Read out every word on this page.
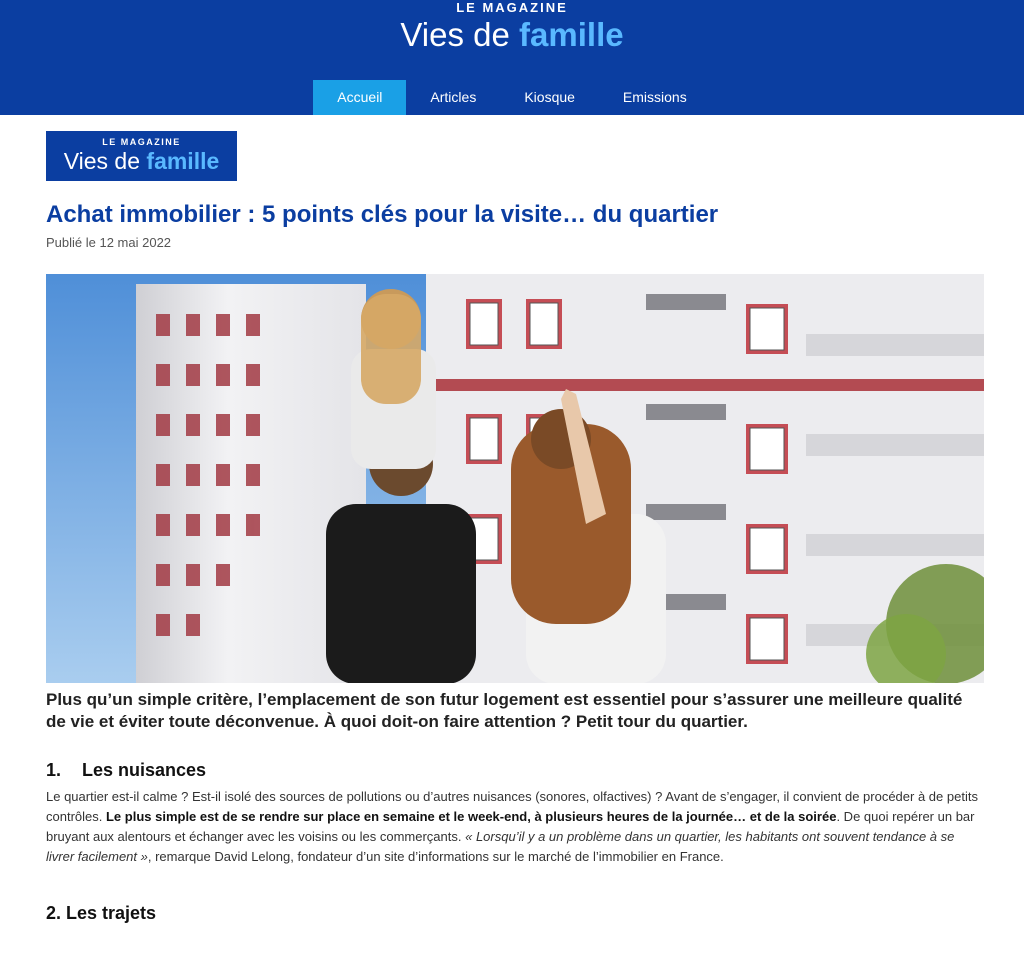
LE MAGAZINE
Vies de famille
Accueil	Articles	Kiosque	Emissions
LE MAGAZINE
Vies de famille
Achat immobilier : 5 points clés pour la visite… du quartier
Publié le 12 mai 2022

Plus qu’un simple critère, l’emplacement de son futur logement est essentiel pour s’assurer une meilleure qualité de vie et éviter toute déconvenue. À quoi doit-on faire attention ? Petit tour du quartier.

1. Les nuisances

Le quartier est-il calme ? Est-il isolé des sources de pollutions ou d’autres nuisances (sonores, olfactives) ? Avant de s’engager, il convient de procéder à de petits contrôles. Le plus simple est de se rendre sur place en semaine et le week-end, à plusieurs heures de la journée… et de la soirée. De quoi repérer un bar bruyant aux alentours et échanger avec les voisins ou les commerçants. « Lorsqu’il y a un problème dans un quartier, les habitants ont souvent tendance à se livrer facilement », remarque David Lelong, fondateur d’un site d’informations sur le marché de l’immobilier en France.

2. Les trajets
